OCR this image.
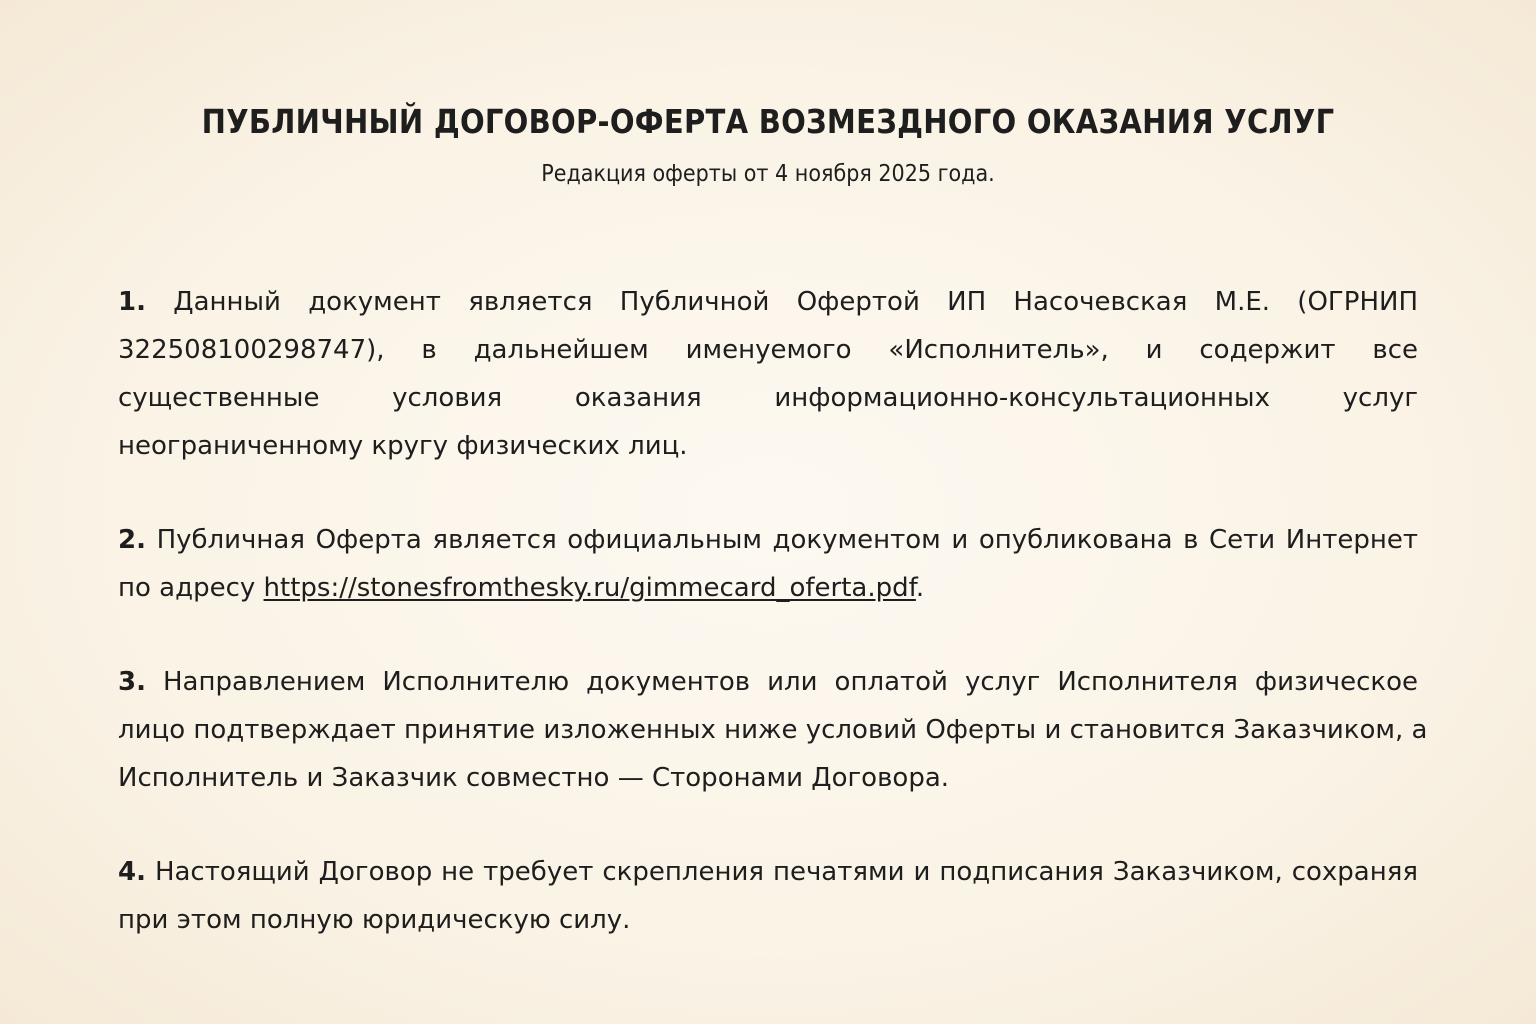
ПУБЛИЧНЫЙ ДОГОВОР-ОФЕРТА ВОЗМЕЗДНОГО ОКАЗАНИЯ УСЛУГ

Редакция оферты от 4 ноября 2025 года.

1. Данный документ является Публичной Офертой ИП Насочевская М.Е. (ОГРНИП
322508100298747), в дальнейшем именуемого «Исполнитель», и содержит все
существенные условия оказания информационно-консультационных услуг
неограниченному кругу физических лиц.
2. Публичная Оферта является официальным документом и опубликована в Сети Интернет
по адресу https://stonesfromthesky.ru/gimmecard_oferta.pdf.
3. Направлением Исполнителю документов или оплатой услуг Исполнителя физическое
лицо подтверждает принятие изложенных ниже условий Оферты и становится Заказчиком, а
Исполнитель и Заказчик совместно — Сторонами Договора.
4. Настоящий Договор не требует скрепления печатями и подписания Заказчиком, сохраняя
при этом полную юридическую силу.
